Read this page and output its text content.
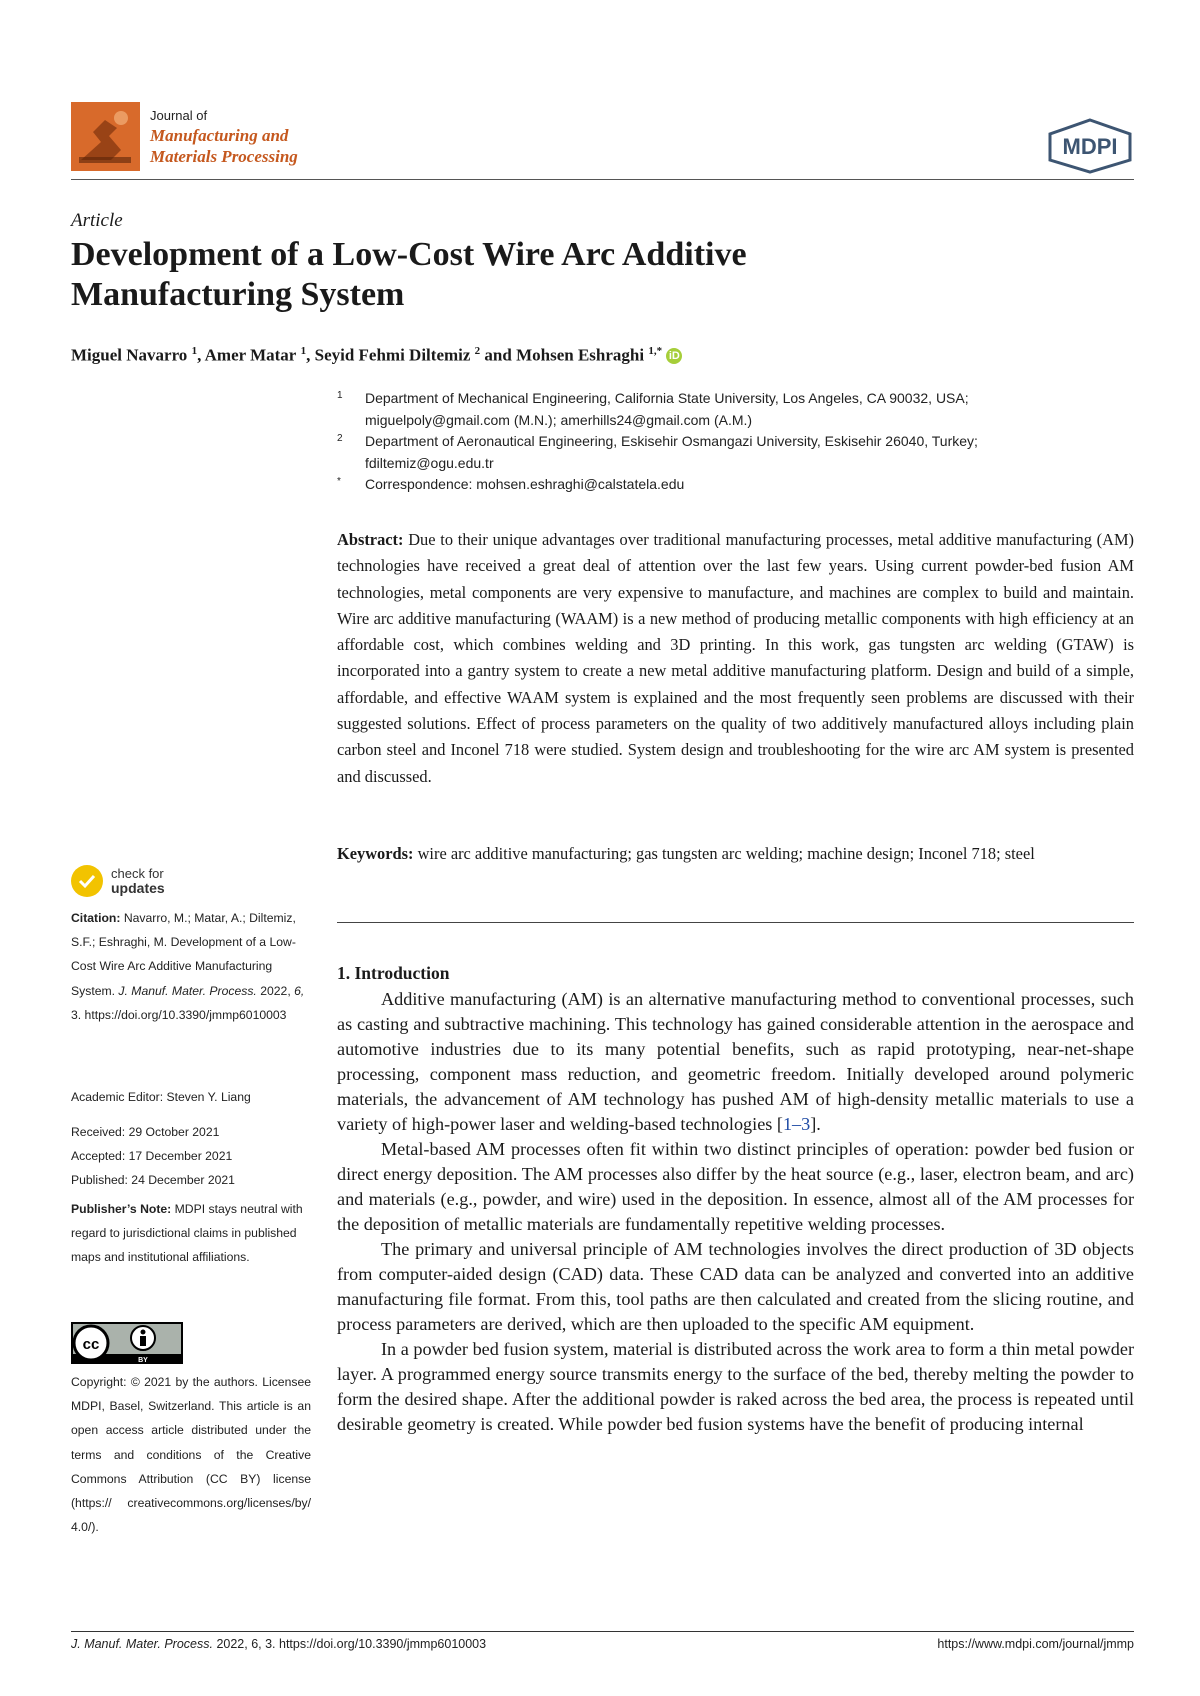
Journal of
Manufacturing and
Materials Processing	MDPI
Article
Development of a Low-Cost Wire Arc Additive Manufacturing System
Miguel Navarro $^1$, Amer Matar $^1$, Seyid Fehmi Diltemiz $^2$ and Mohsen Eshraghi $^{1,*}$ iD
1 Department of Mechanical Engineering, California State University, Los Angeles, CA 90032, USA;
miguelpoly@gmail.com (M.N.); amerhills24@gmail.com (A.M.)
2 Department of Aeronautical Engineering, Eskisehir Osmangazi University, Eskisehir 26040, Turkey;
fdiltemiz@ogu.edu.tr
* Correspondence: mohsen.eshraghi@calstatela.edu
Abstract: Due to their unique advantages over traditional manufacturing processes, metal additive manufacturing (AM) technologies have received a great deal of attention over the last few years. Using current powder-bed fusion AM technologies, metal components are very expensive to manufacture, and machines are complex to build and maintain. Wire arc additive manufacturing (WAAM) is a new method of producing metallic components with high efficiency at an affordable cost, which combines welding and 3D printing. In this work, gas tungsten arc welding (GTAW) is incorporated into a gantry system to create a new metal additive manufacturing platform. Design and build of a simple, affordable, and effective WAAM system is explained and the most frequently seen problems are discussed with their suggested solutions. Effect of process parameters on the quality of two additively manufactured alloys including plain carbon steel and Inconel 718 were studied. System design and troubleshooting for the wire arc AM system is presented and discussed.
Keywords: wire arc additive manufacturing; gas tungsten arc welding; machine design; Inconel 718; steel
check for
updates
Citation: Navarro, M.; Matar, A.; Diltemiz, S.F.; Eshraghi, M. Development of a Low-Cost Wire Arc Additive Manufacturing System. J. Manuf. Mater. Process. 2022, 6, 3. https://doi.org/10.3390/jmmp6010003
Academic Editor: Steven Y. Liang
Received: 29 October 2021
Accepted: 17 December 2021
Published: 24 December 2021
Publisher’s Note: MDPI stays neutral with regard to jurisdictional claims in published maps and institutional affiliations.
cc
BY
Copyright: © 2021 by the authors. Licensee MDPI, Basel, Switzerland. This article is an open access article distributed under the terms and conditions of the Creative Commons Attribution (CC BY) license (https:// creativecommons.org/licenses/by/ 4.0/).
1. Introduction

Additive manufacturing (AM) is an alternative manufacturing method to conventional processes, such as casting and subtractive machining. This technology has gained considerable attention in the aerospace and automotive industries due to its many potential benefits, such as rapid prototyping, near-net-shape processing, component mass reduction, and geometric freedom. Initially developed around polymeric materials, the advancement of AM technology has pushed AM of high-density metallic materials to use a variety of high-power laser and welding-based technologies [1–3].

Metal-based AM processes often fit within two distinct principles of operation: powder bed fusion or direct energy deposition. The AM processes also differ by the heat source (e.g., laser, electron beam, and arc) and materials (e.g., powder, and wire) used in the deposition. In essence, almost all of the AM processes for the deposition of metallic materials are fundamentally repetitive welding processes.

The primary and universal principle of AM technologies involves the direct production of 3D objects from computer-aided design (CAD) data. These CAD data can be analyzed and converted into an additive manufacturing file format. From this, tool paths are then calculated and created from the slicing routine, and process parameters are derived, which are then uploaded to the specific AM equipment.

In a powder bed fusion system, material is distributed across the work area to form a thin metal powder layer. A programmed energy source transmits energy to the surface of the bed, thereby melting the powder to form the desired shape. After the additional powder is raked across the bed area, the process is repeated until desirable geometry is created. While powder bed fusion systems have the benefit of producing internal

J. Manuf. Mater. Process. 2022, 6, 3. https://doi.org/10.3390/jmmp6010003	https://www.mdpi.com/journal/jmmp
